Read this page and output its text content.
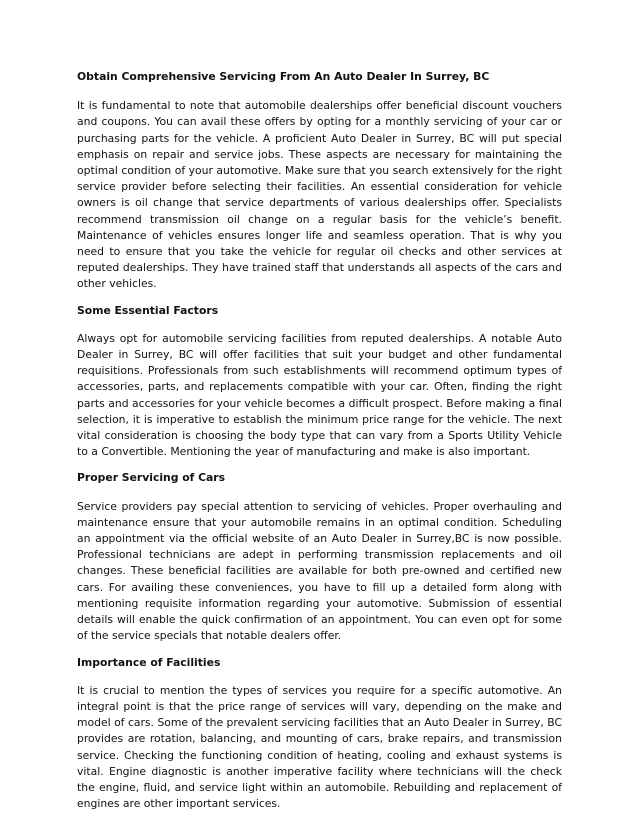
Obtain Comprehensive Servicing From An Auto Dealer In Surrey, BC

It is fundamental to note that automobile dealerships offer beneficial discount vouchers and coupons. You can avail these offers by opting for a monthly servicing of your car or purchasing parts for the vehicle. A proficient Auto Dealer in Surrey, BC will put special emphasis on repair and service jobs. These aspects are necessary for maintaining the optimal condition of your automotive. Make sure that you search extensively for the right service provider before selecting their facilities. An essential consideration for vehicle owners is oil change that service departments of various dealerships offer. Specialists recommend transmission oil change on a regular basis for the vehicle’s benefit. Maintenance of vehicles ensures longer life and seamless operation. That is why you need to ensure that you take the vehicle for regular oil checks and other services at reputed dealerships. They have trained staff that understands all aspects of the cars and other vehicles.

Some Essential Factors

Always opt for automobile servicing facilities from reputed dealerships. A notable Auto Dealer in Surrey, BC will offer facilities that suit your budget and other fundamental requisitions. Professionals from such establishments will recommend optimum types of accessories, parts, and replacements compatible with your car. Often, finding the right parts and accessories for your vehicle becomes a difficult prospect. Before making a final selection, it is imperative to establish the minimum price range for the vehicle. The next vital consideration is choosing the body type that can vary from a Sports Utility Vehicle to a Convertible. Mentioning the year of manufacturing and make is also important.

Proper Servicing of Cars

Service providers pay special attention to servicing of vehicles. Proper overhauling and maintenance ensure that your automobile remains in an optimal condition. Scheduling an appointment via the official website of an Auto Dealer in Surrey,BC is now possible. Professional technicians are adept in performing transmission replacements and oil changes. These beneficial facilities are available for both pre-owned and certified new cars. For availing these conveniences, you have to fill up a detailed form along with mentioning requisite information regarding your automotive. Submission of essential details will enable the quick confirmation of an appointment. You can even opt for some of the service specials that notable dealers offer.

Importance of Facilities

It is crucial to mention the types of services you require for a specific automotive. An integral point is that the price range of services will vary, depending on the make and model of cars. Some of the prevalent servicing facilities that an Auto Dealer in Surrey, BC provides are rotation, balancing, and mounting of cars, brake repairs, and transmission service. Checking the functioning condition of heating, cooling and exhaust systems is vital. Engine diagnostic is another imperative facility where technicians will the check the engine, fluid, and service light within an automobile. Rebuilding and replacement of engines are other important services.
